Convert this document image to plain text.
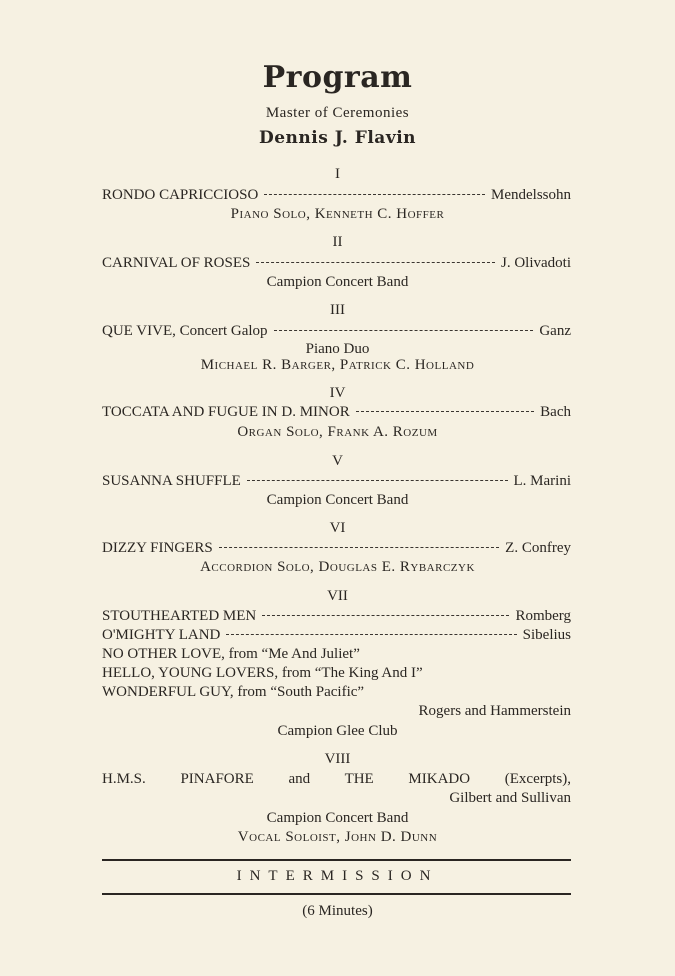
Program
Master of Ceremonies
Dennis J. Flavin
I
RONDO CAPRICCIOSO	Mendelssohn
Piano Solo, Kenneth C. Hoffer
II
CARNIVAL OF ROSES	J. Olivadoti
Campion Concert Band
III
QUE VIVE, Concert Galop	Ganz
Piano Duo
Michael R. Barger, Patrick C. Holland
IV
TOCCATA AND FUGUE IN D. MINOR	Bach
Organ Solo, Frank A. Rozum
V
SUSANNA SHUFFLE	L. Marini
Campion Concert Band
VI
DIZZY FINGERS	Z. Confrey
Accordion Solo, Douglas E. Rybarczyk
VII
STOUTHEARTED MEN	Romberg
O'MIGHTY LAND	Sibelius
NO OTHER LOVE, from “Me And Juliet”
HELLO, YOUNG LOVERS, from “The King And I”
WONDERFUL GUY, from “South Pacific”
Rogers and Hammerstein
Campion Glee Club
VIII
H.M.S. PINAFORE and THE MIKADO (Excerpts),
Gilbert and Sullivan
Campion Concert Band
Vocal Soloist, John D. Dunn
INTERMISSION
(6 Minutes)
